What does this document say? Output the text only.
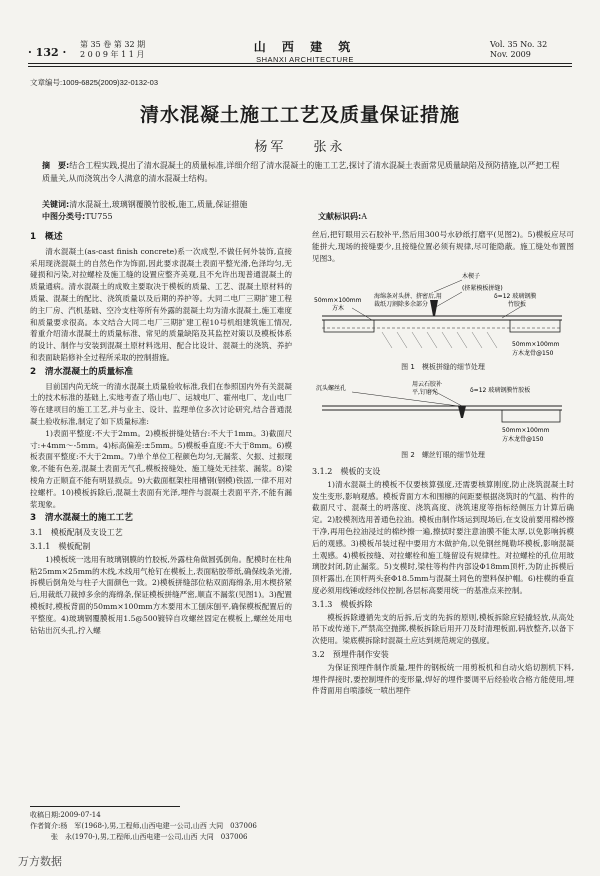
· 132 ·
第 35 卷 第 32 期
2 0 0 9 年 1 1 月
山 西 建 筑
SHANXI ARCHITECTURE
Vol. 35 No. 32
Nov. 2009
文章编号:1009-6825(2009)32-0132-03
清水混凝土施工工艺及质量保证措施
杨军 张永
摘　要:结合工程实践,提出了清水混凝土的质量标准,详细介绍了清水混凝土的施工工艺,探讨了清水混凝土表面常见质量缺陷及预防措施,以严把工程质量关,从而浇筑出令人满意的清水混凝土结构。
关键词:清水混凝土,玻璃钢覆膜竹胶板,施工,质量,保证措施
中图分类号:TU755	文献标识码:A
1　概述

清水混凝土(as-cast finish concrete)系一次成型,不做任何外装饰,直接采用现浇混凝土的自然色作为饰面,因此要求混凝土表面平整光滑,色泽均匀,无碰损和污染,对拉螺栓及施工缝的设置应整齐美观,且不允许出现普通混凝土的质量通病。清水混凝土的成败主要取决于模板的质量、工艺、混凝土原材料的质量、混凝土的配比、浇筑质量以及后期的养护等。大同二电厂三期扩建工程的主厂房、汽机基础、空冷支柱等所有外露的混凝土均为清水混凝土,施工难度和质量要求很高。本文结合大同二电厂三期扩建工程10号机组建筑施工情况,着重介绍清水混凝土的质量标准、常见的质量缺陷及其监控对策以及模板体系的设计、制作与安装到混凝土原材料选用、配合比设计、混凝土的浇筑、养护和表面缺陷修补全过程所采取的控制措施。

2　清水混凝土的质量标准

目前国内尚无统一的清水混凝土质量验收标准,我们在参照国内外有关混凝土的技术标准的基础上,实地考查了塔山电厂、运城电厂、霍州电厂、龙山电厂等在建项目的施工工艺,并与业主、设计、监理单位多次讨论研究,结合普通混凝土验收标准,制定了如下质量标准:

1)表面平整度:不大于2mm。2)模板拼缝处错台:不大于1mm。3)截面尺寸:+4mm～-5mm。4)标高偏差:±5mm。5)模板垂直度:不大于8mm。6)模板表面平整度:不大于2mm。7)单个单位工程颜色均匀,无漏浆、欠振、过振现象,不能有色差,混凝土表面无气孔,模板接缝处、施工缝处无挂浆、漏浆。8)梁棱角方正顺直不能有明显损点。9)大截面框架柱用槽钢(钢模)铁固,一律不用对拉螺杆。10)模板拆除后,混凝土表面有光泽,埋件与混凝土表面平齐,不能有漏浆现象。

3　清水混凝土的施工工艺
3.1　模板配制及支设工艺
3.1.1　模板配制

1)模板统一选用有玻璃钢膜的竹胶板,外露柱角做圆弧倒角。配模时在柱角粘25mm×25mm的木线,木线用气枪钉在模板上,表面粘胶带纸,确保线条光滑,拆模后倒角处与柱子大面颜色一致。2)模板拼缝部位粘双面海绵条,用木楔挤紧后,用裁纸刀裁掉多余的海绵条,保证模板拼缝严密,顺直不漏浆(见图1)。3)配置模板时,模板背面的50mm×100mm方木要用木工刨床刨平,确保模板配置后的平整度。4)玻璃钢覆膜板用1.5@500镀锌自攻螺丝固定在模板上,螺丝处用电钻钻出沉头孔,拧入螺

丝后,把钉眼用云石胶补平,然后用300号水砂纸打磨平(见图2)。5)模板应尽可能拼大,现场的接缝要少,且接缝位置必须有规律,尽可能隐蔽。施工缝处布置图见图3。

木楔子
(挤紧模板拼缝)
50mm×100mm
方木
海绵条对头拼、挤密后,用
裁纸刀割除多余部分
δ=12 玻璃钢膜
竹胶板
50mm×100mm
方木龙骨@150
图 1　模板拼缝的细节处理
沉头螺丝孔
用云石胶补
平,钉磨光	δ=12 玻璃钢膜竹胶板
50mm×100mm
方木龙骨@150
图 2　螺丝钉眼的细节处理
3.1.2　模板的支设

1)清水混凝土的模板不仅要核算强度,还需要核算刚度,防止浇筑混凝土时发生变形,影响观感。模板背面方木和围檩的间距要根据浇筑时的气温、构件的截面尺寸、混凝土的坍落度、浇筑高度、浇筑速度等指标经侧压力计算后确定。2)胶模剂选用普通色拉油。模板由制作场运到现场后,在支设前要用棉纱擦干净,再用色拉油浸过的棉纱擦一遍,擦拭时要注意油膜不能太厚,以免影响拆模后的观感。3)模板吊装过程中要用方木做护角,以免钢丝绳勒坏模板,影响混凝土观感。4)模板按缝、对拉螺栓和施工缝留设有规律性。对拉螺栓的孔位用玻璃胶封闭,防止漏浆。5)支模时,梁柱等构件内部设Φ18mm顶杆,为防止拆模后顶杆露出,在顶杆两头套Φ18.5mm与混凝土同色的塑料保护帽。6)柱模的垂直度必须用线锤或经纬仪控制,各层标高要用统一的基准点来控制。

3.1.3　模板拆除

模板拆除遵循先支的后拆,后支的先拆的原则,模板拆除应轻撬轻放,从高处吊下或传递下,严禁高空抛掷,模板拆除后用开刀及时清理板面,码放整齐,以备下次使用。梁底模拆除时混凝土应达到规范规定的强度。

3.2　预埋件制作安装

为保证预埋件制作质量,埋件的钢板统一用剪板机和自动火焰切割机下料,埋件焊接时,要控制埋件的变形量,焊好的埋件要调平后经验收合格方能使用,埋件背面用自喷漆统一喷出埋件

收稿日期:2009-07-14
作者简介:杨　军(1968-),男,工程师,山西电建一公司,山西 大同　037006
张　永(1970-),男,工程师,山西电建一公司,山西 大同　037006
万方数据
